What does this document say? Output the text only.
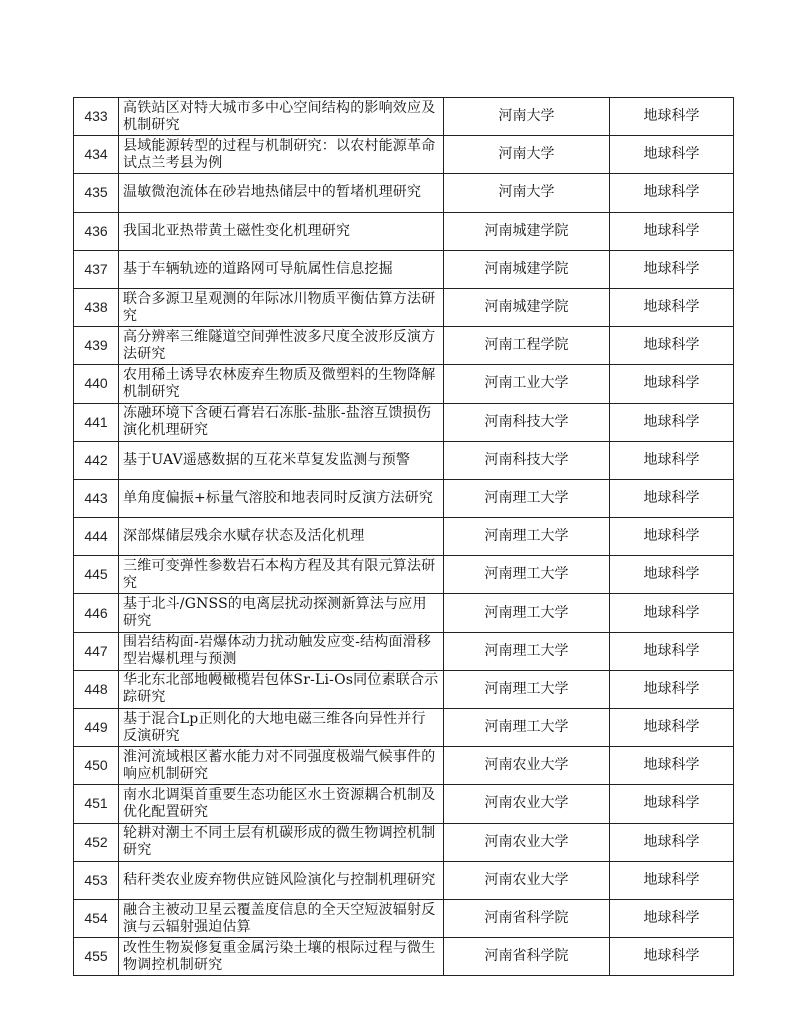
433	高铁站区对特大城市多中心空间结构的影响效应及机制研究	河南大学	地球科学
434	县域能源转型的过程与机制研究：以农村能源革命试点兰考县为例	河南大学	地球科学
435	温敏微泡流体在砂岩地热储层中的暂堵机理研究	河南大学	地球科学
436	我国北亚热带黄土磁性变化机理研究	河南城建学院	地球科学
437	基于车辆轨迹的道路网可导航属性信息挖掘	河南城建学院	地球科学
438	联合多源卫星观测的年际冰川物质平衡估算方法研究	河南城建学院	地球科学
439	高分辨率三维隧道空间弹性波多尺度全波形反演方法研究	河南工程学院	地球科学
440	农用稀土诱导农林废弃生物质及微塑料的生物降解机制研究	河南工业大学	地球科学
441	冻融环境下含硬石膏岩石冻胀-盐胀-盐溶互馈损伤演化机理研究	河南科技大学	地球科学
442	基于UAV遥感数据的互花米草复发监测与预警	河南科技大学	地球科学
443	单角度偏振+标量气溶胶和地表同时反演方法研究	河南理工大学	地球科学
444	深部煤储层残余水赋存状态及活化机理	河南理工大学	地球科学
445	三维可变弹性参数岩石本构方程及其有限元算法研究	河南理工大学	地球科学
446	基于北斗/GNSS的电离层扰动探测新算法与应用研究	河南理工大学	地球科学
447	围岩结构面-岩爆体动力扰动触发应变-结构面滑移型岩爆机理与预测	河南理工大学	地球科学
448	华北东北部地幔橄榄岩包体Sr-Li-Os同位素联合示踪研究	河南理工大学	地球科学
449	基于混合Lp正则化的大地电磁三维各向异性并行反演研究	河南理工大学	地球科学
450	淮河流域根区蓄水能力对不同强度极端气候事件的响应机制研究	河南农业大学	地球科学
451	南水北调渠首重要生态功能区水土资源耦合机制及优化配置研究	河南农业大学	地球科学
452	轮耕对潮土不同土层有机碳形成的微生物调控机制研究	河南农业大学	地球科学
453	秸秆类农业废弃物供应链风险演化与控制机理研究	河南农业大学	地球科学
454	融合主被动卫星云覆盖度信息的全天空短波辐射反演与云辐射强迫估算	河南省科学院	地球科学
455	改性生物炭修复重金属污染土壤的根际过程与微生物调控机制研究	河南省科学院	地球科学
